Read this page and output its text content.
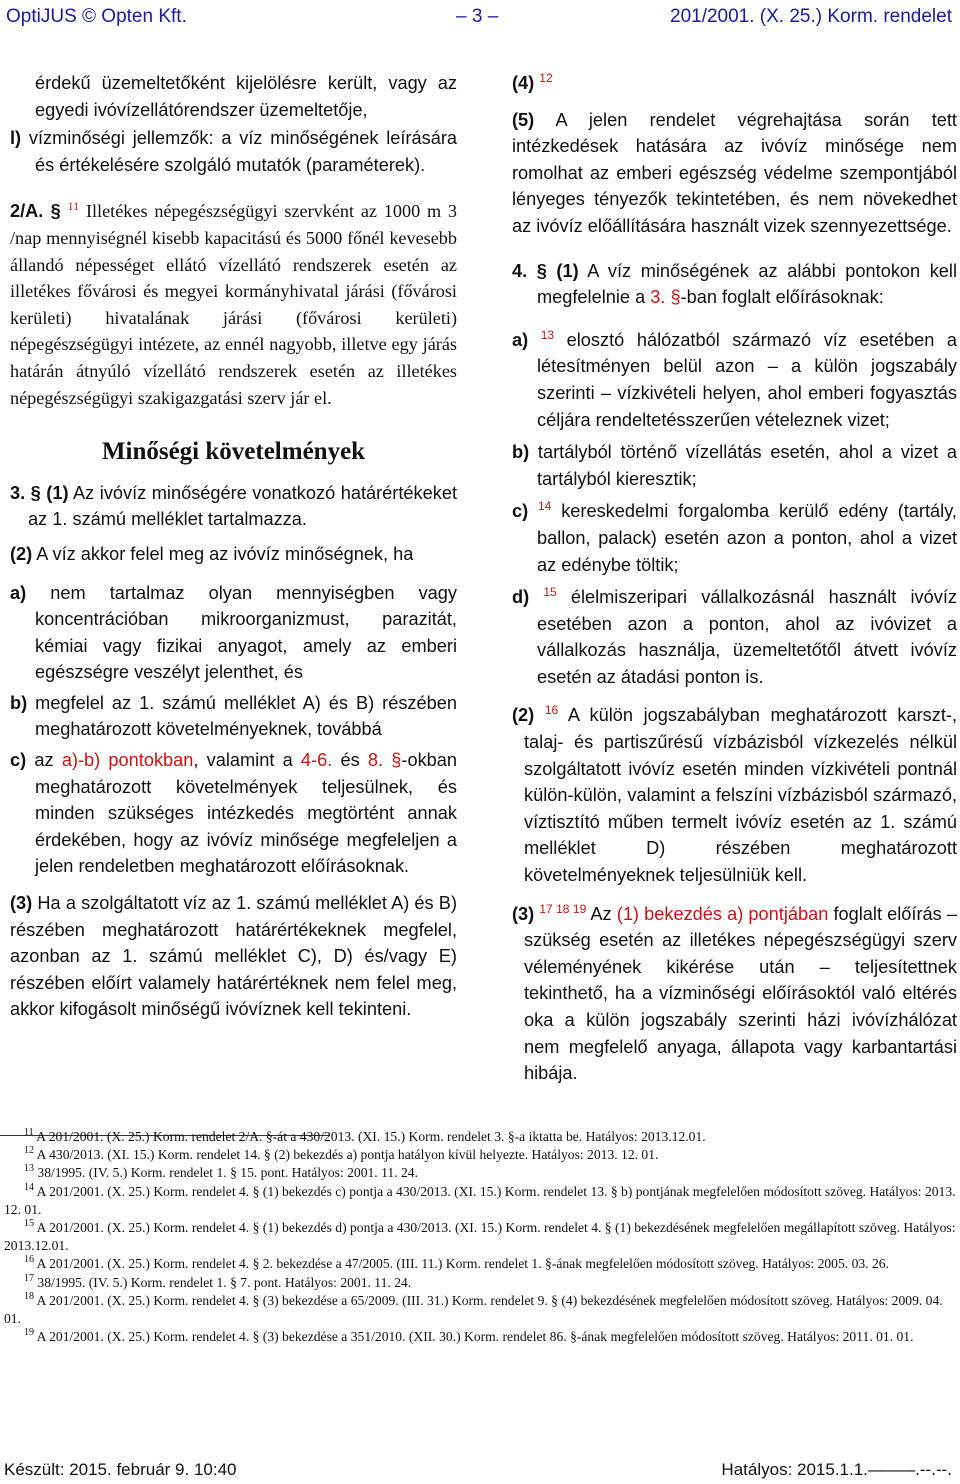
OptiJUS © Opten Kft.	– 3 –	201/2001. (X. 25.) Korm. rendelet

érdekű üzemeltetőként kijelölésre került, vagy az egyedi ivóvízellátórendszer üzemeltetője,

l) vízminőségi jellemzők: a víz minőségének leírására és értékelésére szolgáló mutatók (paraméterek).

2/A. § $^{11}$ Illetékes népegészségügyi szervként az 1000 m 3 /nap mennyiségnél kisebb kapacitású és 5000 főnél kevesebb állandó népességet ellátó vízellátó rendszerek esetén az illetékes fővárosi és megyei kormányhivatal járási (fővárosi kerületi) hivatalának járási (fővárosi kerületi) népegészségügyi intézete, az ennél nagyobb, illetve egy járás határán átnyúló vízellátó rendszerek esetén az illetékes népegészségügyi szakigazgatási szerv jár el.

Minőségi követelmények

3. § (1) Az ivóvíz minőségére vonatkozó határértékeket az 1. számú melléklet tartalmazza.

(2) A víz akkor felel meg az ivóvíz minőségnek, ha

a) nem tartalmaz olyan mennyiségben vagy koncentrációban mikroorganizmust, parazitát, kémiai vagy fizikai anyagot, amely az emberi egészségre veszélyt jelenthet, és

b) megfelel az 1. számú melléklet A) és B) részében meghatározott követelményeknek, továbbá

c) az a)-b) pontokban, valamint a 4-6. és 8. §-okban meghatározott követelmények teljesülnek, és minden szükséges intézkedés megtörtént annak érdekében, hogy az ivóvíz minősége megfeleljen a jelen rendeletben meghatározott előírásoknak.

(3) Ha a szolgáltatott víz az 1. számú melléklet A) és B) részében meghatározott határértékeknek megfelel, azonban az 1. számú melléklet C), D) és/vagy E) részében előírt valamely határértéknek nem felel meg, akkor kifogásolt minőségű ivóvíznek kell tekinteni.

(4) $^{12}$

(5) A jelen rendelet végrehajtása során tett intézkedések hatására az ivóvíz minősége nem romolhat az emberi egészség védelme szempontjából lényeges tényezők tekintetében, és nem növekedhet az ivóvíz előállítására használt vizek szennyezettsége.

4. § (1) A víz minőségének az alábbi pontokon kell megfelelnie a 3. §-ban foglalt előírásoknak:

a) $^{13}$ elosztó hálózatból származó víz esetében a létesítményen belül azon – a külön jogszabály szerinti – vízkivételi helyen, ahol emberi fogyasztás céljára rendeltetésszerűen vételeznek vizet;

b) tartályból történő vízellátás esetén, ahol a vizet a tartályból kieresztik;

c) $^{14}$ kereskedelmi forgalomba kerülő edény (tartály, ballon, palack) esetén azon a ponton, ahol a vizet az edénybe töltik;

d) $^{15}$ élelmiszeripari vállalkozásnál használt ivóvíz esetében azon a ponton, ahol az ivóvizet a vállalkozás használja, üzemeltetőtől átvett ivóvíz esetén az átadási ponton is.

(2) $^{16}$ A külön jogszabályban meghatározott karszt-, talaj- és partiszűrésű vízbázisból vízkezelés nélkül szolgáltatott ivóvíz esetén minden vízkivételi pontnál külön-külön, valamint a felszíni vízbázisból származó, víztisztító műben termelt ivóvíz esetén az 1. számú melléklet D) részében meghatározott követelményeknek teljesülniük kell.

(3) $^{17 18 19}$ Az (1) bekezdés a) pontjában foglalt előírás – szükség esetén az illetékes népegészségügyi szerv véleményének kikérése után – teljesítettnek tekinthető, ha a vízminőségi előírásoktól való eltérés oka a külön jogszabály szerinti házi ivóvízhálózat nem megfelelő anyaga, állapota vagy karbantartási hibája.

$^{11}$ A 201/2001. (X. 25.) Korm. rendelet 2/A. §-át a 430/2013. (XI. 15.) Korm. rendelet 3. §-a iktatta be. Hatályos: 2013.12.01.

$^{12}$ A 430/2013. (XI. 15.) Korm. rendelet 14. § (2) bekezdés a) pontja hatályon kívül helyezte. Hatályos: 2013. 12. 01.

$^{13}$ 38/1995. (IV. 5.) Korm. rendelet 1. § 15. pont. Hatályos: 2001. 11. 24.

$^{14}$ A 201/2001. (X. 25.) Korm. rendelet 4. § (1) bekezdés c) pontja a 430/2013. (XI. 15.) Korm. rendelet 13. § b) pontjának megfelelően módosított szöveg. Hatályos: 2013. 12. 01.

$^{15}$ A 201/2001. (X. 25.) Korm. rendelet 4. § (1) bekezdés d) pontja a 430/2013. (XI. 15.) Korm. rendelet 4. § (1) bekezdésének megfelelően megállapított szöveg. Hatályos: 2013.12.01.

$^{16}$ A 201/2001. (X. 25.) Korm. rendelet 4. § 2. bekezdése a 47/2005. (III. 11.) Korm. rendelet 1. §-ának megfelelően módosított szöveg. Hatályos: 2005. 03. 26.

$^{17}$ 38/1995. (IV. 5.) Korm. rendelet 1. § 7. pont. Hatályos: 2001. 11. 24.

$^{18}$ A 201/2001. (X. 25.) Korm. rendelet 4. § (3) bekezdése a 65/2009. (III. 31.) Korm. rendelet 9. § (4) bekezdésének megfelelően módosított szöveg. Hatályos: 2009. 04. 01.

$^{19}$ A 201/2001. (X. 25.) Korm. rendelet 4. § (3) bekezdése a 351/2010. (XII. 30.) Korm. rendelet 86. §-ának megfelelően módosított szöveg. Hatályos: 2011. 01. 01.

Készült: 2015. február 9. 10:40	Hatályos: 2015.1.1.–––––.--.--.
